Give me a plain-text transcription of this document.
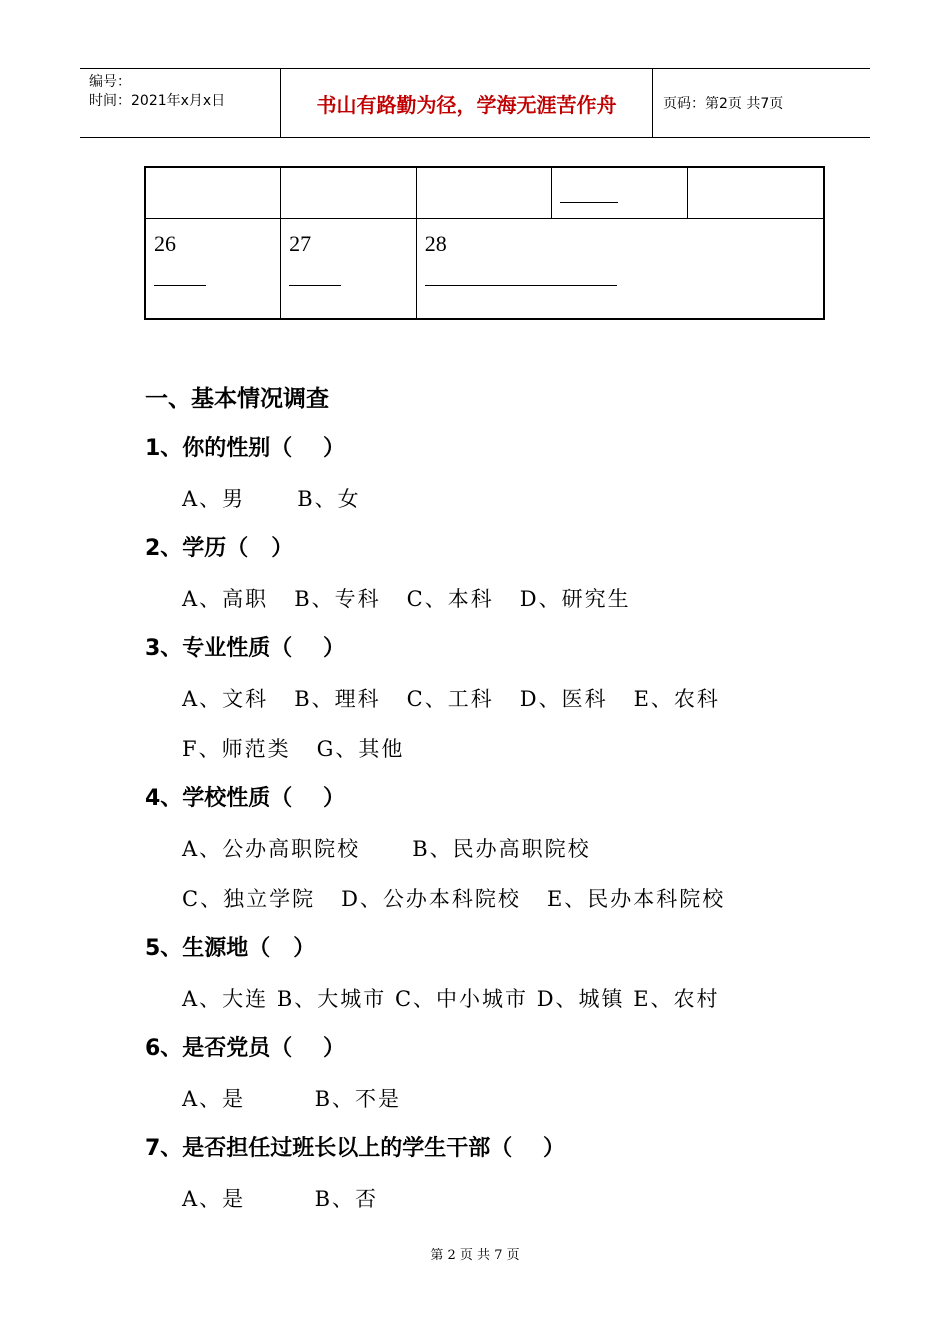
编号：
时间：2021年x月x日	书山有路勤为径，学海无涯苦作舟	页码：第2页 共7页

26	27	28		
一、基本情况调查
1、你的性别（    ）
A、男      B、女
2、学历（   ）
A、高职   B、专科   C、本科   D、研究生
3、专业性质（    ）
A、文科   B、理科   C、工科   D、医科   E、农科
F、师范类   G、其他
4、学校性质（    ）
A、公办高职院校      B、民办高职院校
C、独立学院   D、公办本科院校   E、民办本科院校
5、生源地（   ）
A、大连 B、大城市 C、中小城市 D、城镇 E、农村
6、是否党员（    ）
A、是        B、不是
7、是否担任过班长以上的学生干部（    ）
A、是        B、否
第 2 页 共 7 页
